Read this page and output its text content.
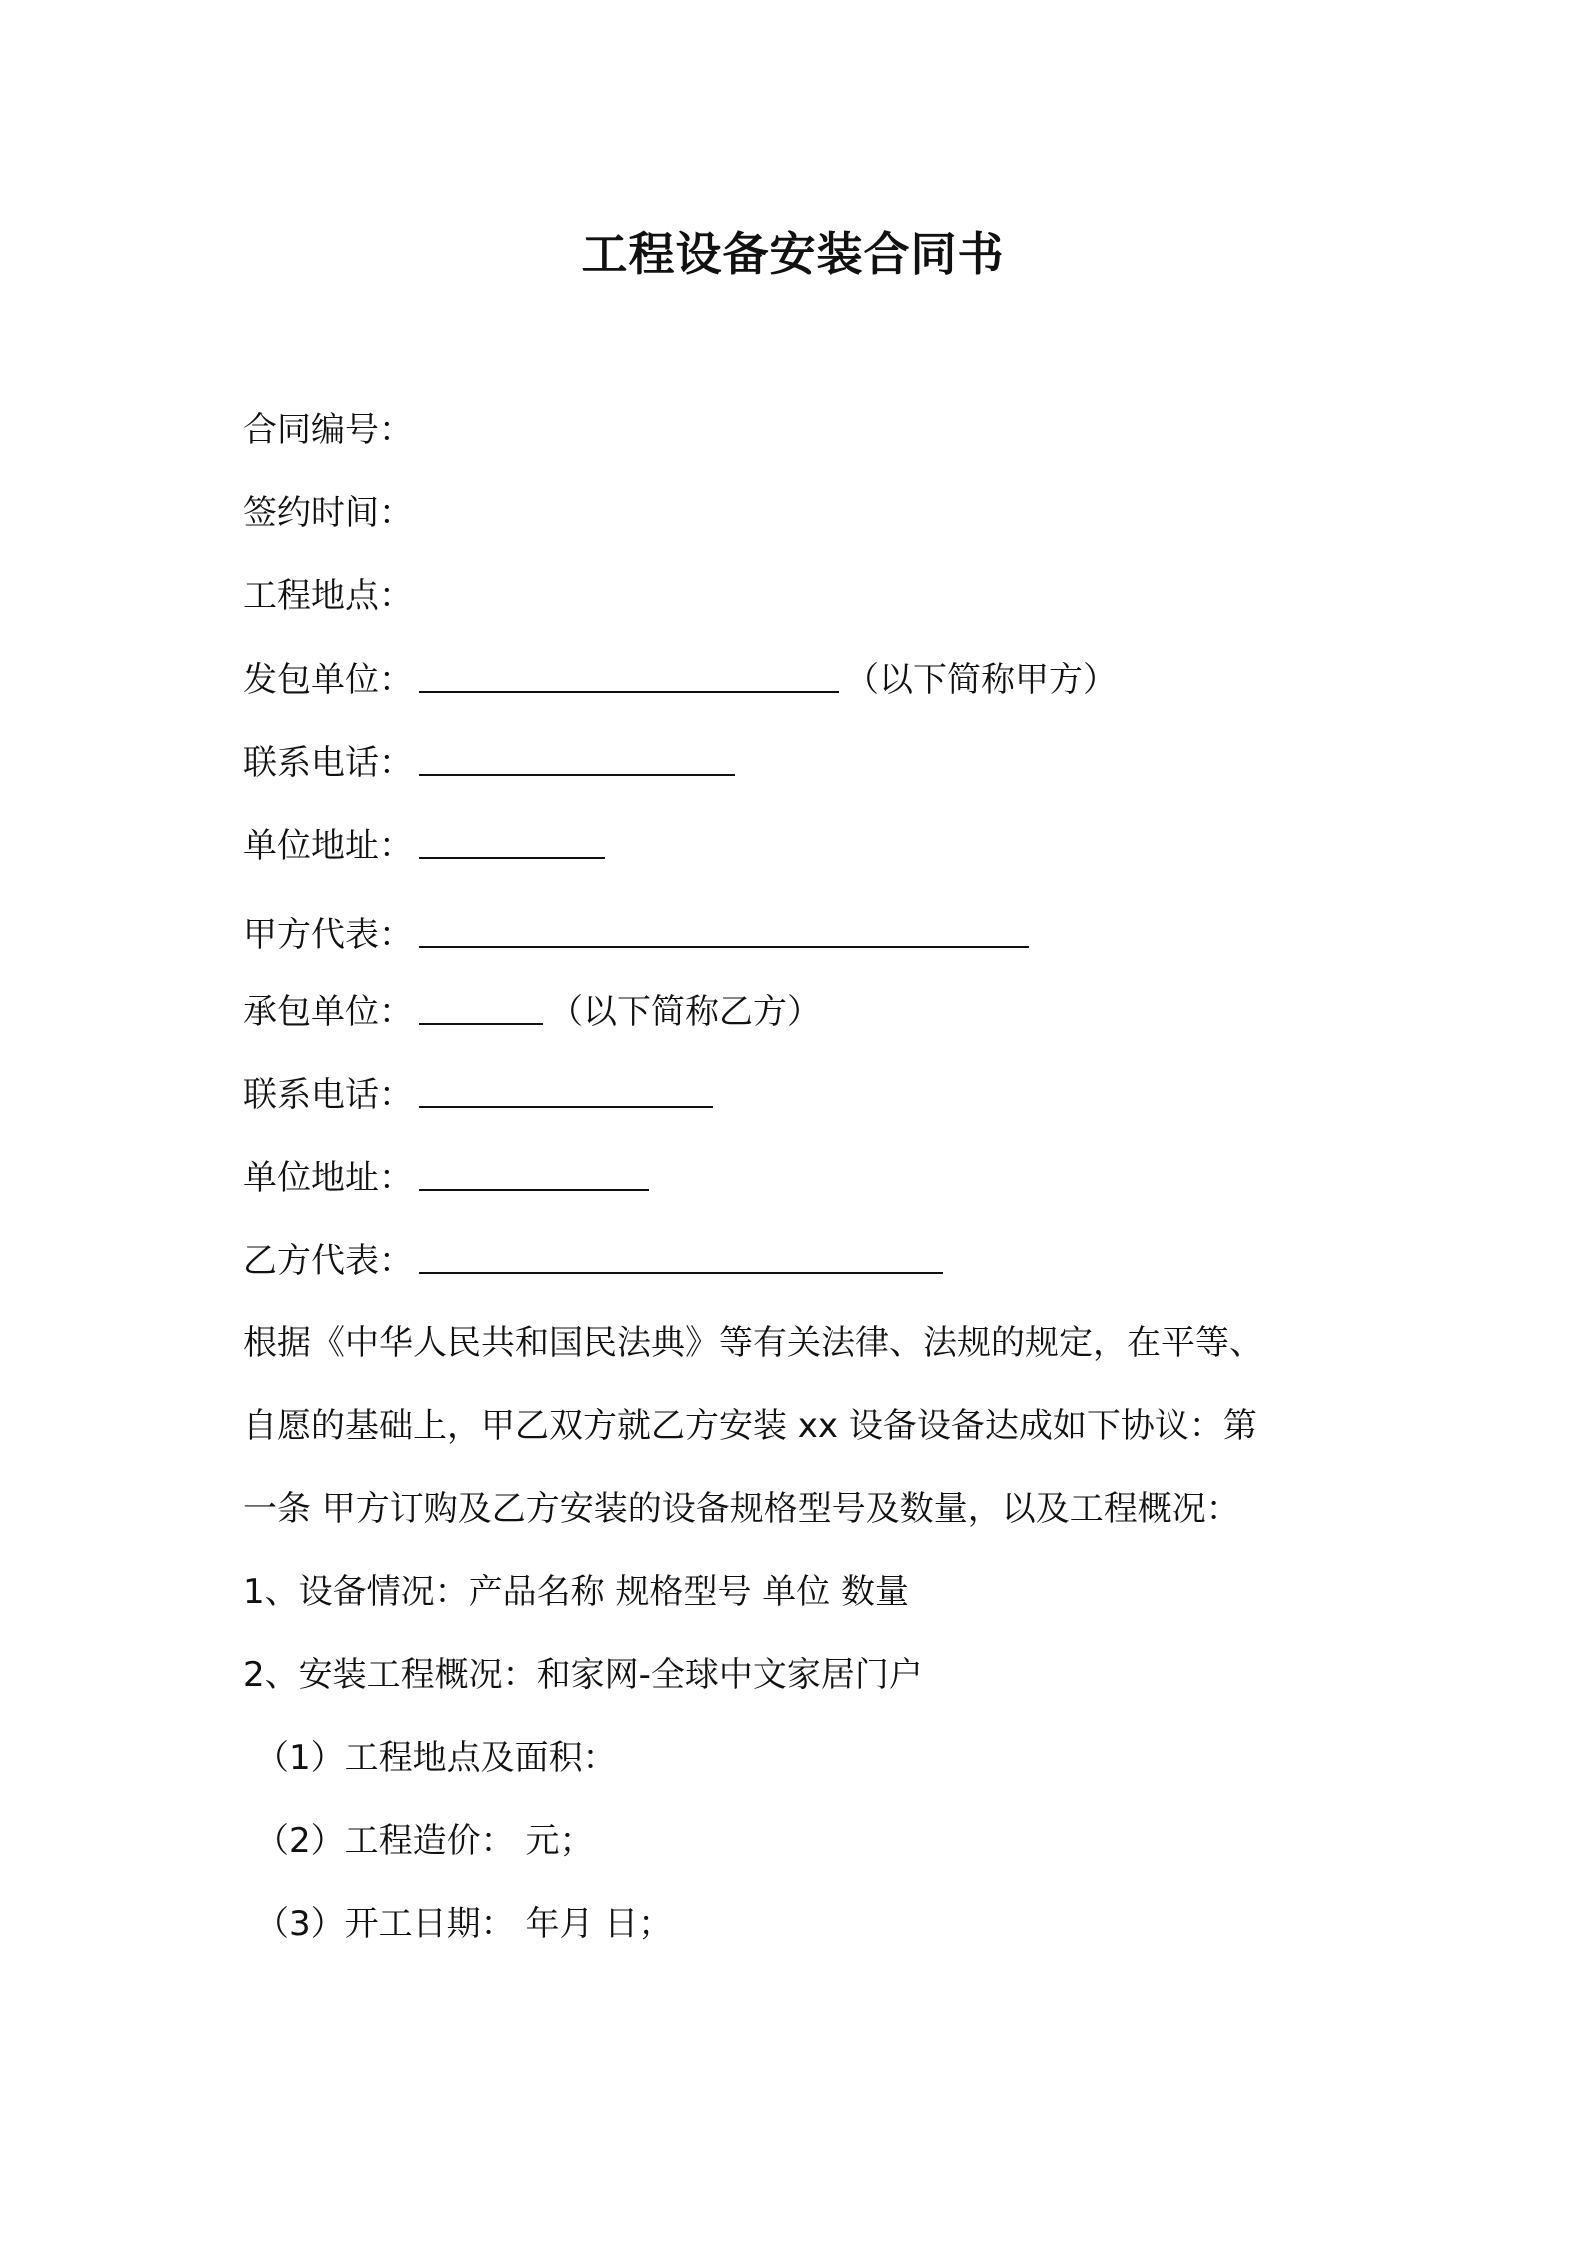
工程设备安装合同书
合同编号：
签约时间：
工程地点：
发包单位：	（以下简称甲方）
联系电话：
单位地址：
甲方代表：
承包单位：	（以下简称乙方）
联系电话：
单位地址：
乙方代表：
根据《中华人民共和国民法典》等有关法律、法规的规定，在平等、
自愿的基础上，甲乙双方就乙方安装 xx 设备设备达成如下协议：第
一条 甲方订购及乙方安装的设备规格型号及数量，以及工程概况：
1、设备情况：产品名称 规格型号 单位 数量
2、安装工程概况：和家网-全球中文家居门户
（1）工程地点及面积：
（2）工程造价： 元；
（3）开工日期： 年月 日；
